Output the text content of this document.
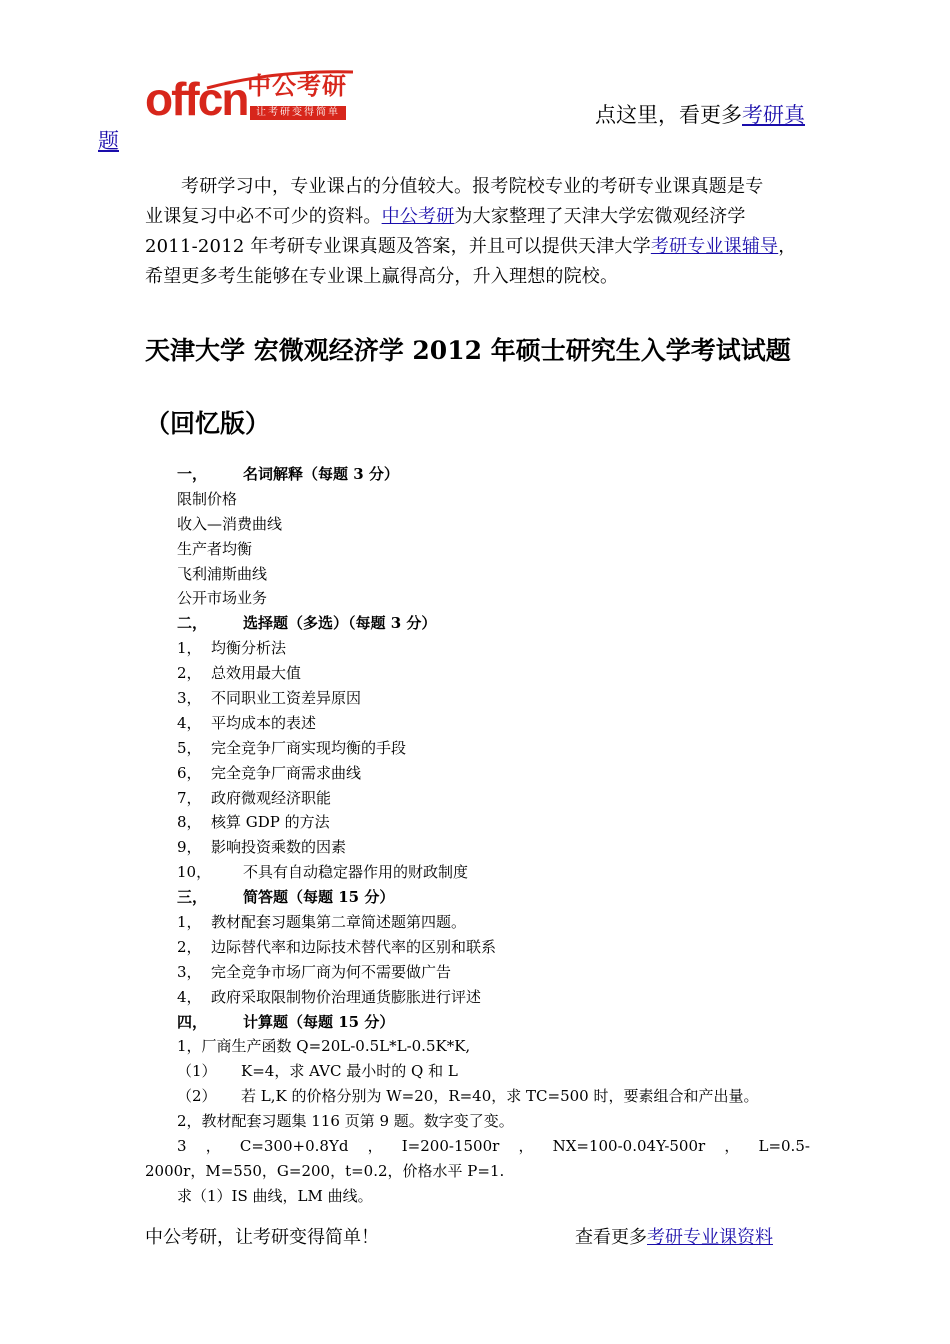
offcn 中公考研
让考研变得简单	点这里，看更多考研真
题

考研学习中，专业课占的分值较大。报考院校专业的考研专业课真题是专

业课复习中必不可少的资料。中公考研为大家整理了天津大学宏微观经济学

2011-2012 年考研专业课真题及答案，并且可以提供天津大学考研专业课辅导，

希望更多考生能够在专业课上赢得高分，升入理想的院校。

天津大学 宏微观经济学 2012 年硕士研究生入学考试试题
（回忆版）
一， 名词解释（每题 3 分）
限制价格
收入—消费曲线
生产者均衡
飞利浦斯曲线
公开市场业务
二， 选择题（多选）（每题 3 分）
1， 均衡分析法
2， 总效用最大值
3， 不同职业工资差异原因
4， 平均成本的表述
5， 完全竞争厂商实现均衡的手段
6， 完全竞争厂商需求曲线
7， 政府微观经济职能
8， 核算 GDP 的方法
9， 影响投资乘数的因素
10， 不具有自动稳定器作用的财政制度
三， 简答题（每题 15 分）
1， 教材配套习题集第二章简述题第四题。
2， 边际替代率和边际技术替代率的区别和联系
3， 完全竞争市场厂商为何不需要做广告
4， 政府采取限制物价治理通货膨胀进行评述
四， 计算题（每题 15 分）
1，厂商生产函数 Q=20L-0.5L*L-0.5K*K,
（1） K=4，求 AVC 最小时的 Q 和 L
（2） 若 L,K 的价格分别为 W=20，R=40，求 TC=500 时，要素组合和产出量。
2，教材配套习题集 116 页第 9 题。数字变了变。
3 ， C=300+0.8Yd ， I=200-1500r ， NX=100-0.04Y-500r ， L=0.5-
2000r，M=550，G=200，t=0.2，价格水平 P=1.
求（1）IS 曲线，LM 曲线。
中公考研，让考研变得简单！	查看更多考研专业课资料
